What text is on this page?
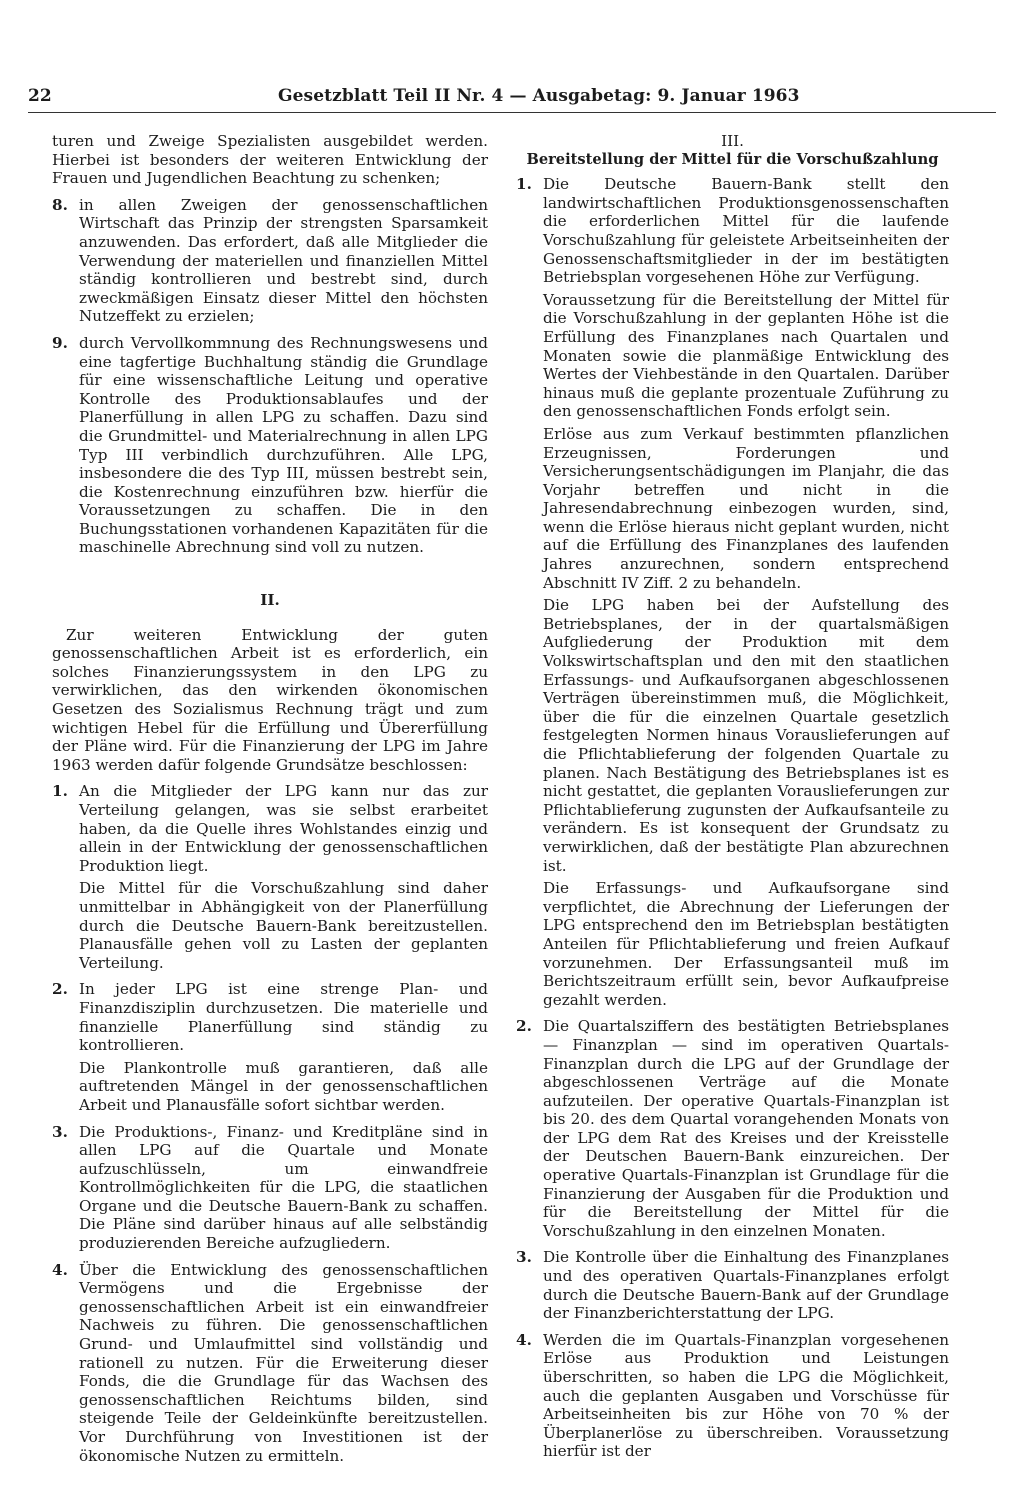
22	Gesetzblatt Teil II Nr. 4 — Ausgabetag: 9. Januar 1963

turen und Zweige Spezialisten ausgebildet werden. Hierbei ist besonders der weiteren Entwicklung der Frauen und Jugendlichen Beachtung zu schenken;

8. in allen Zweigen der genossenschaftlichen Wirtschaft das Prinzip der strengsten Sparsamkeit anzuwenden. Das erfordert, daß alle Mitglieder die Verwendung der materiellen und finanziellen Mittel ständig kontrollieren und bestrebt sind, durch zweckmäßigen Einsatz dieser Mittel den höchsten Nutzeffekt zu erzielen;

9. durch Vervollkommnung des Rechnungswesens und eine tagfertige Buchhaltung ständig die Grundlage für eine wissenschaftliche Leitung und operative Kontrolle des Produktionsablaufes und der Planerfüllung in allen LPG zu schaffen. Dazu sind die Grundmittel- und Materialrechnung in allen LPG Typ III verbindlich durchzuführen. Alle LPG, insbesondere die des Typ III, müssen bestrebt sein, die Kostenrechnung einzuführen bzw. hierfür die Voraussetzungen zu schaffen. Die in den Buchungsstationen vorhandenen Kapazitäten für die maschinelle Abrechnung sind voll zu nutzen.

II.

Zur weiteren Entwicklung der guten genossenschaftlichen Arbeit ist es erforderlich, ein solches Finanzierungssystem in den LPG zu verwirklichen, das den wirkenden ökonomischen Gesetzen des Sozialismus Rechnung trägt und zum wichtigen Hebel für die Erfüllung und Übererfüllung der Pläne wird. Für die Finanzierung der LPG im Jahre 1963 werden dafür folgende Grundsätze beschlossen:

1. An die Mitglieder der LPG kann nur das zur Verteilung gelangen, was sie selbst erarbeitet haben, da die Quelle ihres Wohlstandes einzig und allein in der Entwicklung der genossenschaftlichen Produktion liegt.

Die Mittel für die Vorschußzahlung sind daher unmittelbar in Abhängigkeit von der Planerfüllung durch die Deutsche Bauern-Bank bereitzustellen. Planausfälle gehen voll zu Lasten der geplanten Verteilung.

2. In jeder LPG ist eine strenge Plan- und Finanzdisziplin durchzusetzen. Die materielle und finanzielle Planerfüllung sind ständig zu kontrollieren.

Die Plankontrolle muß garantieren, daß alle auftretenden Mängel in der genossenschaftlichen Arbeit und Planausfälle sofort sichtbar werden.

3. Die Produktions-, Finanz- und Kreditpläne sind in allen LPG auf die Quartale und Monate aufzuschlüsseln, um einwandfreie Kontrollmöglichkeiten für die LPG, die staatlichen Organe und die Deutsche Bauern-Bank zu schaffen. Die Pläne sind darüber hinaus auf alle selbständig produzierenden Bereiche aufzugliedern.

4. Über die Entwicklung des genossenschaftlichen Vermögens und die Ergebnisse der genossenschaftlichen Arbeit ist ein einwandfreier Nachweis zu führen. Die genossenschaftlichen Grund- und Umlaufmittel sind vollständig und rationell zu nutzen. Für die Erweiterung dieser Fonds, die die Grundlage für das Wachsen des genossenschaftlichen Reichtums bilden, sind steigende Teile der Geldeinkünfte bereitzustellen. Vor Durchführung von Investitionen ist der ökonomische Nutzen zu ermitteln.

III.

Bereitstellung der Mittel für die Vorschußzahlung

1. Die Deutsche Bauern-Bank stellt den landwirtschaftlichen Produktionsgenossenschaften die erforderlichen Mittel für die laufende Vorschußzahlung für geleistete Arbeitseinheiten der Genossenschaftsmitglieder in der im bestätigten Betriebsplan vorgesehenen Höhe zur Verfügung.

Voraussetzung für die Bereitstellung der Mittel für die Vorschußzahlung in der geplanten Höhe ist die Erfüllung des Finanzplanes nach Quartalen und Monaten sowie die planmäßige Entwicklung des Wertes der Viehbestände in den Quartalen. Darüber hinaus muß die geplante prozentuale Zuführung zu den genossenschaftlichen Fonds erfolgt sein.

Erlöse aus zum Verkauf bestimmten pflanzlichen Erzeugnissen, Forderungen und Versicherungsentschädigungen im Planjahr, die das Vorjahr betreffen und nicht in die Jahresendabrechnung einbezogen wurden, sind, wenn die Erlöse hieraus nicht geplant wurden, nicht auf die Erfüllung des Finanzplanes des laufenden Jahres anzurechnen, sondern entsprechend Abschnitt IV Ziff. 2 zu behandeln.

Die LPG haben bei der Aufstellung des Betriebsplanes, der in der quartalsmäßigen Aufgliederung der Produktion mit dem Volkswirtschaftsplan und den mit den staatlichen Erfassungs- und Aufkaufsorganen abgeschlossenen Verträgen übereinstimmen muß, die Möglichkeit, über die für die einzelnen Quartale gesetzlich festgelegten Normen hinaus Vorauslieferungen auf die Pflichtablieferung der folgenden Quartale zu planen. Nach Bestätigung des Betriebsplanes ist es nicht gestattet, die geplanten Vorauslieferungen zur Pflichtablieferung zugunsten der Aufkaufsanteile zu verändern. Es ist konsequent der Grundsatz zu verwirklichen, daß der bestätigte Plan abzurechnen ist.

Die Erfassungs- und Aufkaufsorgane sind verpflichtet, die Abrechnung der Lieferungen der LPG entsprechend den im Betriebsplan bestätigten Anteilen für Pflichtablieferung und freien Aufkauf vorzunehmen. Der Erfassungsanteil muß im Berichtszeitraum erfüllt sein, bevor Aufkaufpreise gezahlt werden.

2. Die Quartalsziffern des bestätigten Betriebsplanes — Finanzplan — sind im operativen Quartals-Finanzplan durch die LPG auf der Grundlage der abgeschlossenen Verträge auf die Monate aufzuteilen. Der operative Quartals-Finanzplan ist bis 20. des dem Quartal vorangehenden Monats von der LPG dem Rat des Kreises und der Kreisstelle der Deutschen Bauern-Bank einzureichen. Der operative Quartals-Finanzplan ist Grundlage für die Finanzierung der Ausgaben für die Produktion und für die Bereitstellung der Mittel für die Vorschußzahlung in den einzelnen Monaten.

3. Die Kontrolle über die Einhaltung des Finanzplanes und des operativen Quartals-Finanzplanes erfolgt durch die Deutsche Bauern-Bank auf der Grundlage der Finanzberichterstattung der LPG.

4. Werden die im Quartals-Finanzplan vorgesehenen Erlöse aus Produktion und Leistungen überschritten, so haben die LPG die Möglichkeit, auch die geplanten Ausgaben und Vorschüsse für Arbeitseinheiten bis zur Höhe von 70 % der Überplanerlöse zu überschreiben. Voraussetzung hierfür ist der
